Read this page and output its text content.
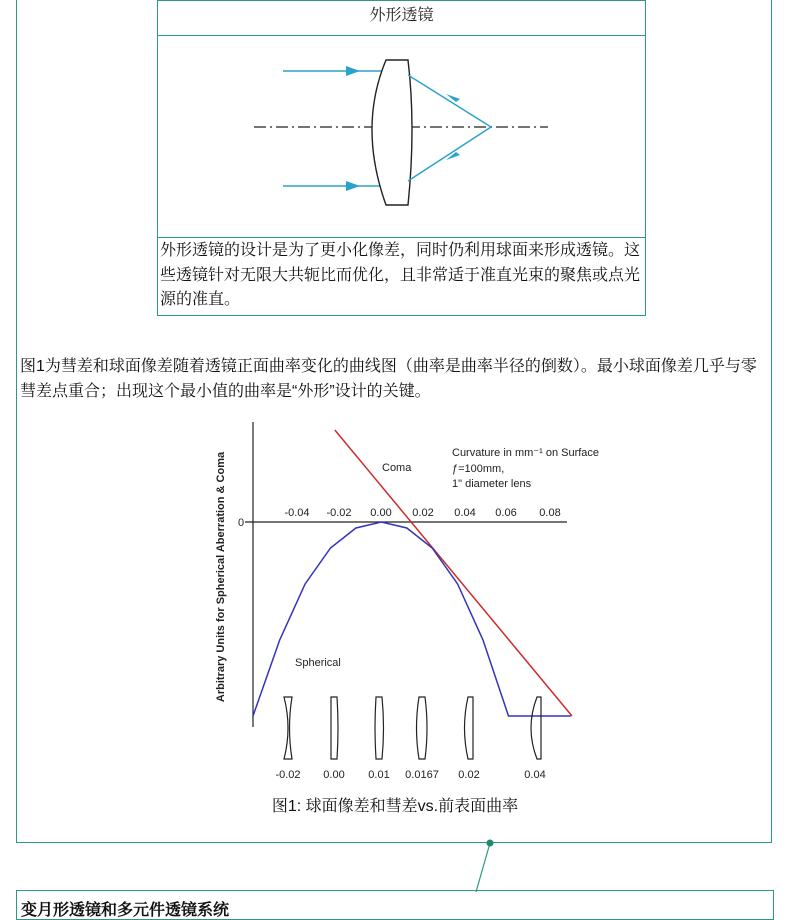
外形透镜
外形透镜的设计是为了更小化像差，同时仍利用球面来形成透镜。这些透镜针对无限大共轭比而优化，且非常适于准直光束的聚焦或点光源的准直。
图1为彗差和球面像差随着透镜正面曲率变化的曲线图（曲率是曲率半径的倒数）。最小球面像差几乎与零彗差点重合；出现这个最小值的曲率是“外形”设计的关键。
Arbitrary Units for Spherical Aberration & Coma 0
-0.04 -0.02 0.00 0.02 0.04 0.06 0.08
Coma
Spherical
Curvature in mm⁻¹ on Surface
ƒ=100mm,
1" diameter lens
-0.02 0.00 0.01 0.0167 0.02	0.04
图1: 球面像差和彗差vs.前表面曲率
变月形透镜和多元件透镜系统
